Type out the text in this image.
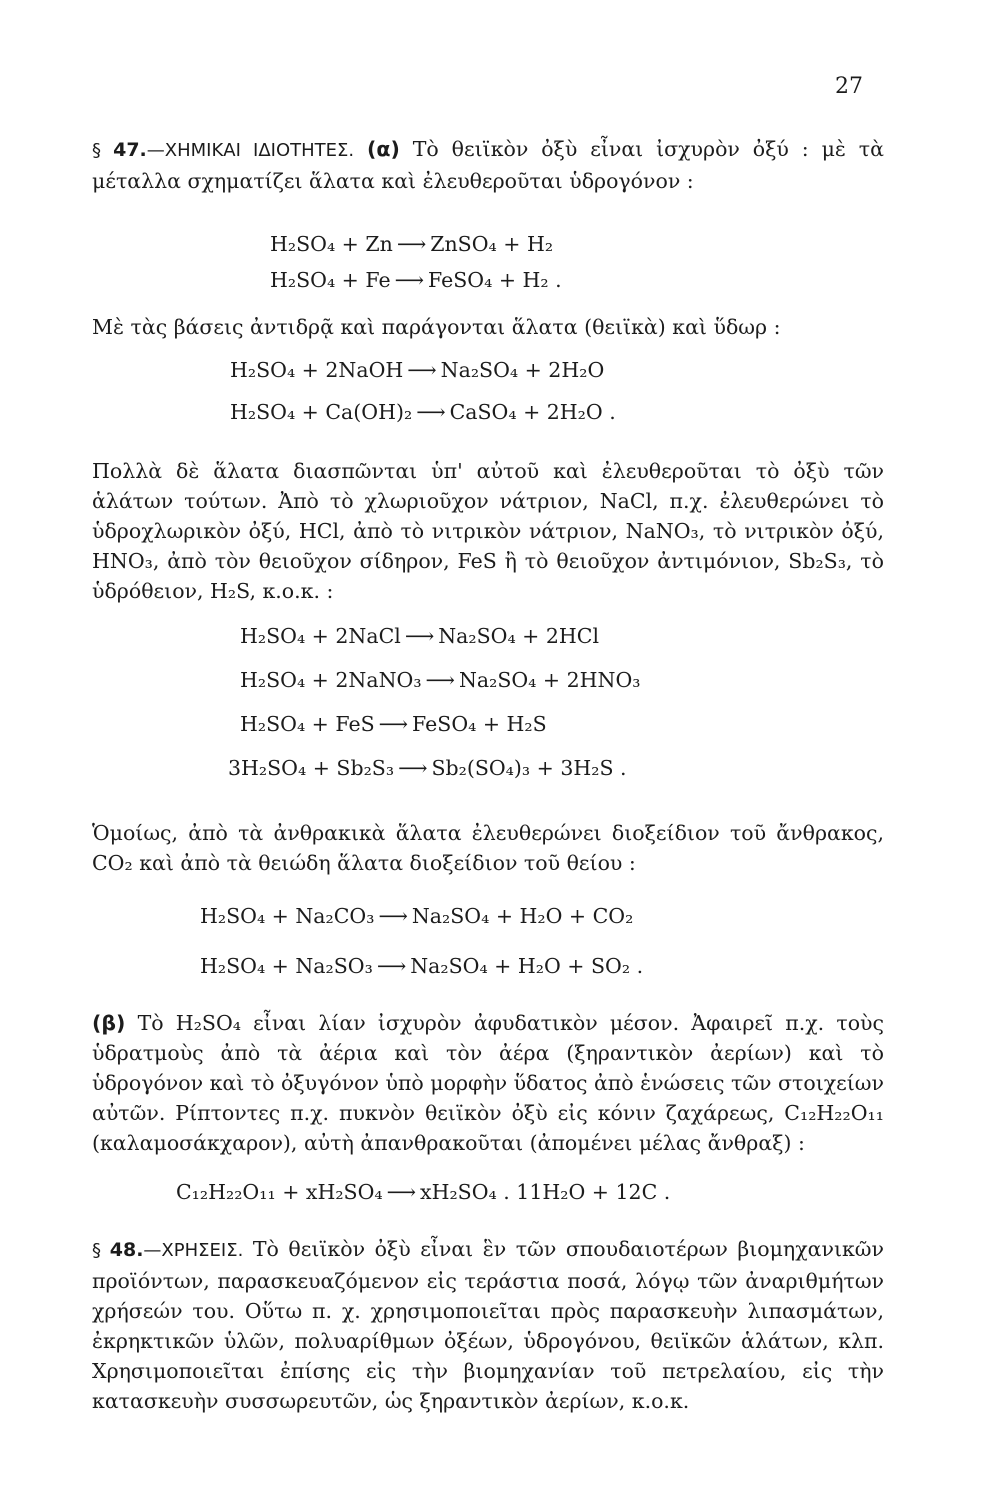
27

§ 47.—ΧΗΜΙΚΑΙ ΙΔΙΟΤΗΤΕΣ. (α) Τὸ θειϊκὸν ὀξὺ εἶναι ἰσχυρὸν ὀξύ : μὲ τὰ μέταλλα σχηματίζει ἅλατα καὶ ἐλευθεροῦται ὑδρογόνον :

H₂SO₄ + Zn ⟶ ZnSO₄ + H₂
H₂SO₄ + Fe ⟶ FeSO₄ + H₂ .

Μὲ τὰς βάσεις ἀντιδρᾷ καὶ παράγονται ἅλατα (θειϊκὰ) καὶ ὕδωρ :

H₂SO₄ + 2NaOH ⟶ Na₂SO₄ + 2H₂O
H₂SO₄ + Ca(OH)₂ ⟶ CaSO₄ + 2H₂O .

Πολλὰ δὲ ἅλατα διασπῶνται ὑπ' αὐτοῦ καὶ ἐλευθεροῦται τὸ ὀξὺ τῶν ἁλάτων τούτων. Ἀπὸ τὸ χλωριοῦχον νάτριον, NaCl, π.χ. ἐλευθερώνει τὸ ὑδροχλωρικὸν ὀξύ, HCl, ἀπὸ τὸ νιτρικὸν νάτριον, NaNO₃, τὸ νιτρικὸν ὀξύ, HNO₃, ἀπὸ τὸν θειοῦχον σίδηρον, FeS ἢ τὸ θειοῦχον ἀντιμόνιον, Sb₂S₃, τὸ ὑδρόθειον, H₂S, κ.ο.κ. :

H₂SO₄ + 2NaCl ⟶ Na₂SO₄ + 2HCl
H₂SO₄ + 2NaNO₃ ⟶ Na₂SO₄ + 2HNO₃
H₂SO₄ + FeS ⟶ FeSO₄ + H₂S
3H₂SO₄ + Sb₂S₃ ⟶ Sb₂(SO₄)₃ + 3H₂S .

Ὁμοίως, ἀπὸ τὰ ἀνθρακικὰ ἅλατα ἐλευθερώνει διοξείδιον τοῦ ἄνθρακος, CO₂ καὶ ἀπὸ τὰ θειώδη ἅλατα διοξείδιον τοῦ θείου :

H₂SO₄ + Na₂CO₃ ⟶ Na₂SO₄ + H₂O + CO₂
H₂SO₄ + Na₂SO₃ ⟶ Na₂SO₄ + H₂O + SO₂ .

(β) Τὸ H₂SO₄ εἶναι λίαν ἰσχυρὸν ἀφυδατικὸν μέσον. Ἀφαιρεῖ π.χ. τοὺς ὑδρατμοὺς ἀπὸ τὰ ἀέρια καὶ τὸν ἀέρα (ξηραντικὸν ἀερίων) καὶ τὸ ὑδρογόνον καὶ τὸ ὀξυγόνον ὑπὸ μορφὴν ὕδατος ἀπὸ ἑνώσεις τῶν στοιχείων αὐτῶν. Ρίπτοντες π.χ. πυκνὸν θειϊκὸν ὀξὺ εἰς κόνιν ζαχάρεως, C₁₂H₂₂O₁₁ (καλαμοσάκχαρον), αὐτὴ ἀπανθρακοῦται (ἀπομένει μέλας ἄνθραξ) :

C₁₂H₂₂O₁₁ + xH₂SO₄ ⟶ xH₂SO₄ . 11H₂O + 12C .

§ 48.—ΧΡΗΣΕΙΣ. Τὸ θειϊκὸν ὀξὺ εἶναι ἓν τῶν σπουδαιοτέρων βιομηχανικῶν προϊόντων, παρασκευαζόμενον εἰς τεράστια ποσά, λόγῳ τῶν ἀναριθμήτων χρήσεών του. Οὕτω π. χ. χρησιμοποιεῖται πρὸς παρασκευὴν λιπασμάτων, ἐκρηκτικῶν ὑλῶν, πολυαρίθμων ὀξέων, ὑδρογόνου, θειϊκῶν ἁλάτων, κλπ. Χρησιμοποιεῖται ἐπίσης εἰς τὴν βιομηχανίαν τοῦ πετρελαίου, εἰς τὴν κατασκευὴν συσσωρευτῶν, ὡς ξηραντικὸν ἀερίων, κ.ο.κ.
